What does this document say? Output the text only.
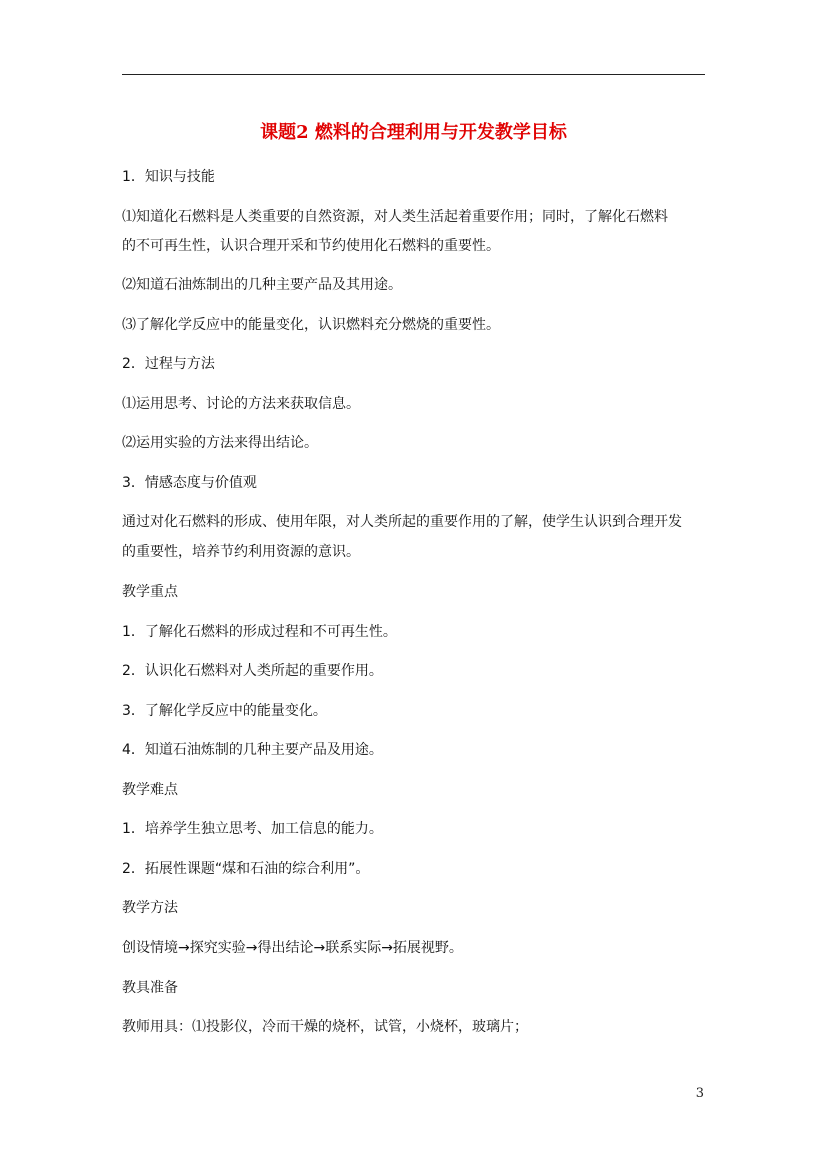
课题2 燃料的合理利用与开发教学目标
1．知识与技能
⑴知道化石燃料是人类重要的自然资源，对人类生活起着重要作用；同时，了解化石燃料
的不可再生性，认识合理开采和节约使用化石燃料的重要性。
⑵知道石油炼制出的几种主要产品及其用途。
⑶了解化学反应中的能量变化，认识燃料充分燃烧的重要性。
2．过程与方法
⑴运用思考、讨论的方法来获取信息。
⑵运用实验的方法来得出结论。
3．情感态度与价值观
通过对化石燃料的形成、使用年限，对人类所起的重要作用的了解，使学生认识到合理开发
的重要性，培养节约利用资源的意识。
教学重点
1．了解化石燃料的形成过程和不可再生性。
2．认识化石燃料对人类所起的重要作用。
3．了解化学反应中的能量变化。
4．知道石油炼制的几种主要产品及用途。
教学难点
1．培养学生独立思考、加工信息的能力。
2．拓展性课题“煤和石油的综合利用”。
教学方法
创设情境→探究实验→得出结论→联系实际→拓展视野。
教具准备
教师用具：⑴投影仪，冷而干燥的烧杯，试管，小烧杯，玻璃片；
3
